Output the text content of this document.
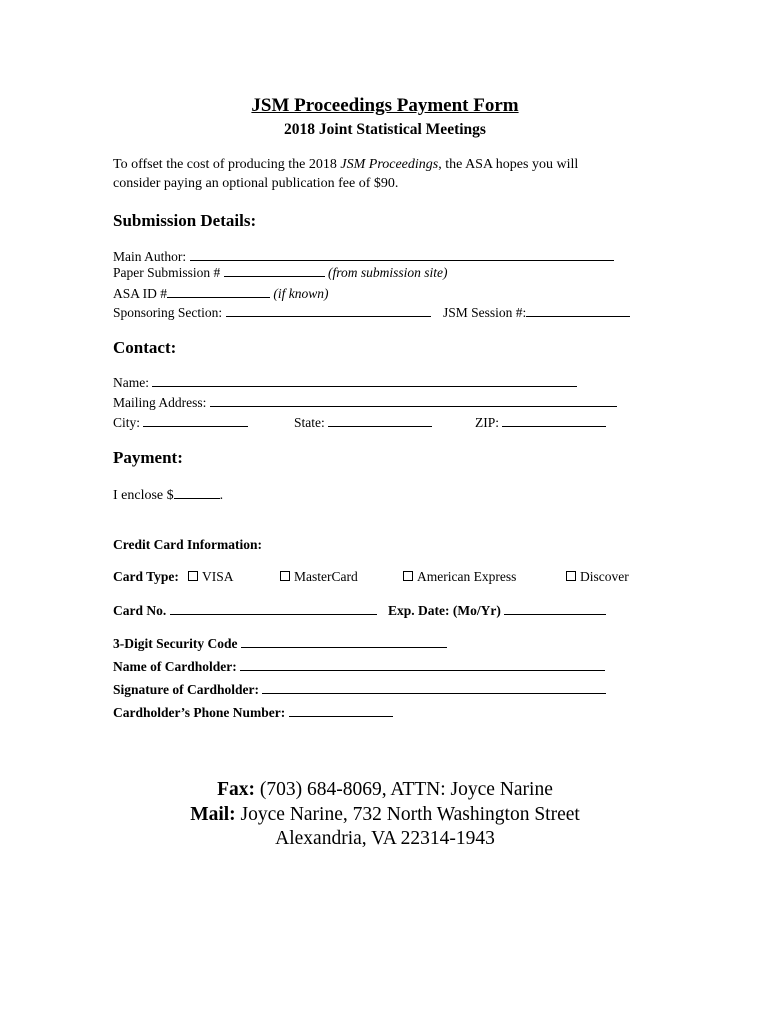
JSM Proceedings Payment Form
2018 Joint Statistical Meetings
To offset the cost of producing the 2018 JSM Proceedings, the ASA hopes you will
consider paying an optional publication fee of $90.
Submission Details:
Main Author:
Paper Submission #	(from submission site)
ASA ID #	(if known)
Sponsoring Section:	JSM Session #:
Contact:
Name:
Mailing Address:
City:	State:	ZIP:
Payment:
I enclose $	.
Credit Card Information:
Card Type:	VISA	MasterCard	American Express	Discover
Card No.	Exp. Date: (Mo/Yr)
3-Digit Security Code
Name of Cardholder:
Signature of Cardholder:
Cardholder’s Phone Number:
Fax: (703) 684-8069, ATTN: Joyce Narine
Mail: Joyce Narine, 732 North Washington Street
Alexandria, VA 22314-1943
